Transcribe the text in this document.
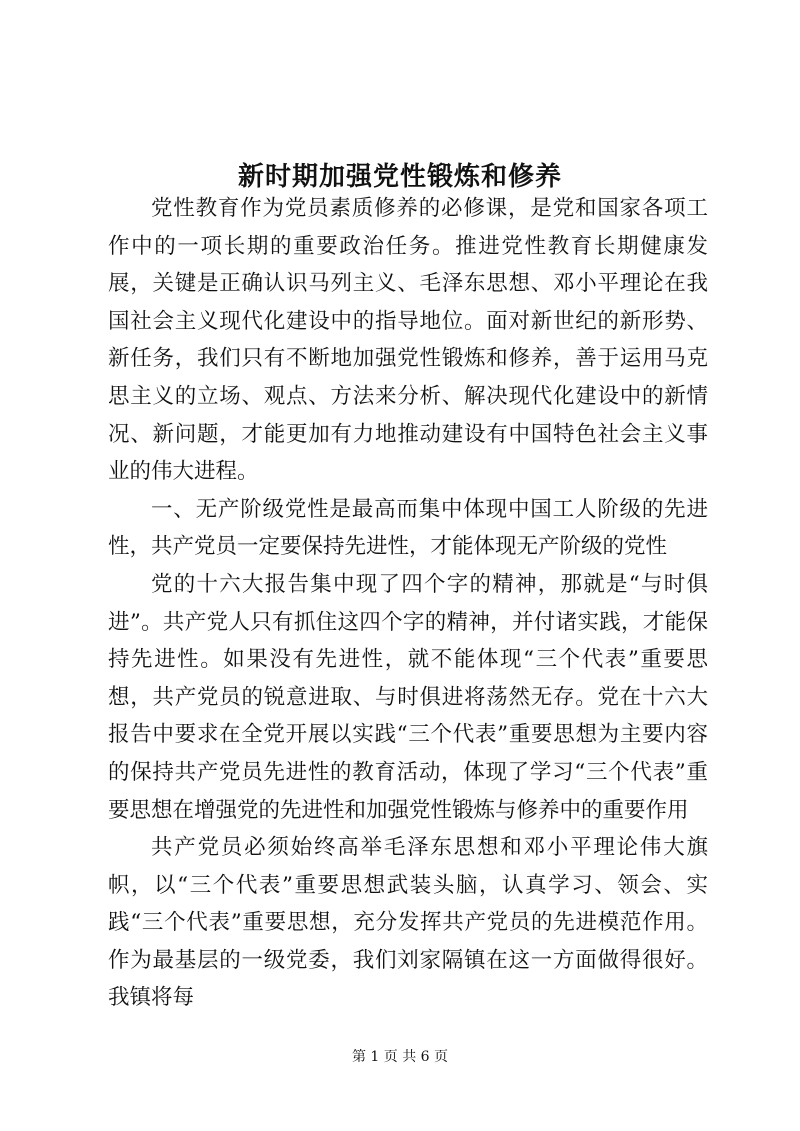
新时期加强党性锻炼和修养

党性教育作为党员素质修养的必修课，是党和国家各项工作中的一项长期的重要政治任务。推进党性教育长期健康发展，关键是正确认识马列主义、毛泽东思想、邓小平理论在我国社会主义现代化建设中的指导地位。面对新世纪的新形势、新任务，我们只有不断地加强党性锻炼和修养，善于运用马克思主义的立场、观点、方法来分析、解决现代化建设中的新情况、新问题，才能更加有力地推动建设有中国特色社会主义事业的伟大进程。

一、无产阶级党性是最高而集中体现中国工人阶级的先进性，共产党员一定要保持先进性，才能体现无产阶级的党性

党的十六大报告集中现了四个字的精神，那就是“与时俱进”。共产党人只有抓住这四个字的精神，并付诸实践，才能保持先进性。如果没有先进性，就不能体现“三个代表”重要思想，共产党员的锐意进取、与时俱进将荡然无存。党在十六大报告中要求在全党开展以实践“三个代表”重要思想为主要内容的保持共产党员先进性的教育活动，体现了学习“三个代表”重要思想在增强党的先进性和加强党性锻炼与修养中的重要作用

共产党员必须始终高举毛泽东思想和邓小平理论伟大旗帜，以“三个代表”重要思想武装头脑，认真学习、领会、实践“三个代表”重要思想，充分发挥共产党员的先进模范作用。作为最基层的一级党委，我们刘家隔镇在这一方面做得很好。我镇将每

第 1 页 共 6 页
